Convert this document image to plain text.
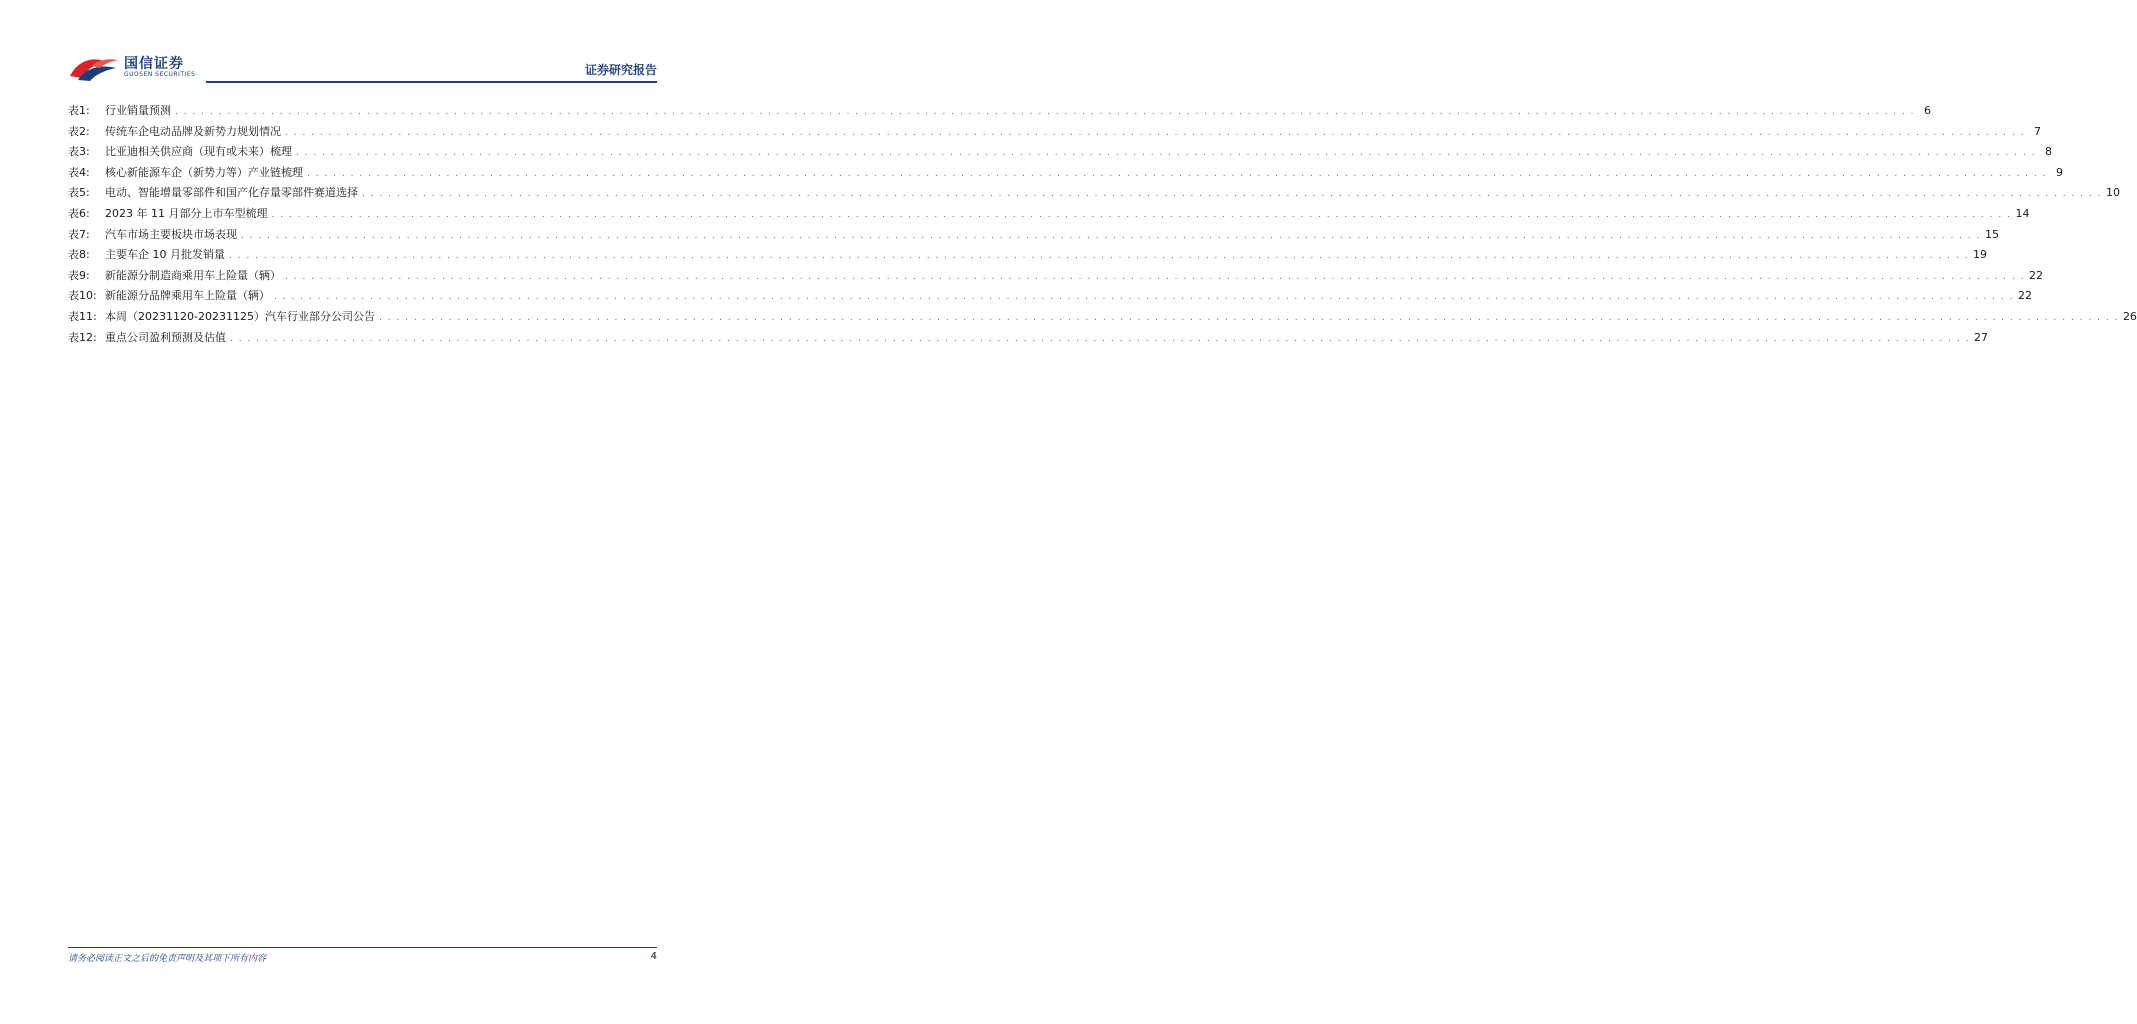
国信证券
GUOSEN SECURITIES	证券研究报告
表1:	行业销量预测 . . . . . . . . . . . . . . . . . . . . . . . . . . . . . . . . . . . . . . . . . . . . . . . . . . . . . . . . . . . . . . . . . . . . . . . . . . . . . . . . . . . . . . . . . . . . . . . . . . . . . . . . . . . . . . . . . . . . . . . . . . . . . . . . . . . . . . . . . . . . . . . . . . . . . . . . . . . . . . . . . . . . . . . . . . . . . . . . . . . . . . . . . . . . . . . . . . . . . . . . 6
表2:	传统车企电动品牌及新势力规划情况 . . . . . . . . . . . . . . . . . . . . . . . . . . . . . . . . . . . . . . . . . . . . . . . . . . . . . . . . . . . . . . . . . . . . . . . . . . . . . . . . . . . . . . . . . . . . . . . . . . . . . . . . . . . . . . . . . . . . . . . . . . . . . . . . . . . . . . . . . . . . . . . . . . . . . . . . . . . . . . . . . . . . . . . . . . . . . . . . . . . . . . . . . . . . . . . . . . . . . . . . 7
表3:	比亚迪相关供应商（现有或未来）梳理 . . . . . . . . . . . . . . . . . . . . . . . . . . . . . . . . . . . . . . . . . . . . . . . . . . . . . . . . . . . . . . . . . . . . . . . . . . . . . . . . . . . . . . . . . . . . . . . . . . . . . . . . . . . . . . . . . . . . . . . . . . . . . . . . . . . . . . . . . . . . . . . . . . . . . . . . . . . . . . . . . . . . . . . . . . . . . . . . . . . . . . . . . . . . . . . . . . . . . . . . 8
表4:	核心新能源车企（新势力等）产业链梳理 . . . . . . . . . . . . . . . . . . . . . . . . . . . . . . . . . . . . . . . . . . . . . . . . . . . . . . . . . . . . . . . . . . . . . . . . . . . . . . . . . . . . . . . . . . . . . . . . . . . . . . . . . . . . . . . . . . . . . . . . . . . . . . . . . . . . . . . . . . . . . . . . . . . . . . . . . . . . . . . . . . . . . . . . . . . . . . . . . . . . . . . . . . . . . . . . . . . . . . . . 9
表5:	电动、智能增量零部件和国产化存量零部件赛道选择 . . . . . . . . . . . . . . . . . . . . . . . . . . . . . . . . . . . . . . . . . . . . . . . . . . . . . . . . . . . . . . . . . . . . . . . . . . . . . . . . . . . . . . . . . . . . . . . . . . . . . . . . . . . . . . . . . . . . . . . . . . . . . . . . . . . . . . . . . . . . . . . . . . . . . . . . . . . . . . . . . . . . . . . . . . . . . . . . . . . . . . . . . . . . . . . . . . . . . . . . 10
表6:	2023 年 11 月部分上市车型梳理 . . . . . . . . . . . . . . . . . . . . . . . . . . . . . . . . . . . . . . . . . . . . . . . . . . . . . . . . . . . . . . . . . . . . . . . . . . . . . . . . . . . . . . . . . . . . . . . . . . . . . . . . . . . . . . . . . . . . . . . . . . . . . . . . . . . . . . . . . . . . . . . . . . . . . . . . . . . . . . . . . . . . . . . . . . . . . . . . . . . . . . . . . . . . . . . . . . . . . . . . 14
表7:	汽车市场主要板块市场表现 . . . . . . . . . . . . . . . . . . . . . . . . . . . . . . . . . . . . . . . . . . . . . . . . . . . . . . . . . . . . . . . . . . . . . . . . . . . . . . . . . . . . . . . . . . . . . . . . . . . . . . . . . . . . . . . . . . . . . . . . . . . . . . . . . . . . . . . . . . . . . . . . . . . . . . . . . . . . . . . . . . . . . . . . . . . . . . . . . . . . . . . . . . . . . . . . . . . . . . . . 15
表8:	主要车企 10 月批发销量 . . . . . . . . . . . . . . . . . . . . . . . . . . . . . . . . . . . . . . . . . . . . . . . . . . . . . . . . . . . . . . . . . . . . . . . . . . . . . . . . . . . . . . . . . . . . . . . . . . . . . . . . . . . . . . . . . . . . . . . . . . . . . . . . . . . . . . . . . . . . . . . . . . . . . . . . . . . . . . . . . . . . . . . . . . . . . . . . . . . . . . . . . . . . . . . . . . . . . . . . 19
表9:	新能源分制造商乘用车上险量（辆） . . . . . . . . . . . . . . . . . . . . . . . . . . . . . . . . . . . . . . . . . . . . . . . . . . . . . . . . . . . . . . . . . . . . . . . . . . . . . . . . . . . . . . . . . . . . . . . . . . . . . . . . . . . . . . . . . . . . . . . . . . . . . . . . . . . . . . . . . . . . . . . . . . . . . . . . . . . . . . . . . . . . . . . . . . . . . . . . . . . . . . . . . . . . . . . . . . . . . . . . 22
表10: 新能源分品牌乘用车上险量（辆） . . . . . . . . . . . . . . . . . . . . . . . . . . . . . . . . . . . . . . . . . . . . . . . . . . . . . . . . . . . . . . . . . . . . . . . . . . . . . . . . . . . . . . . . . . . . . . . . . . . . . . . . . . . . . . . . . . . . . . . . . . . . . . . . . . . . . . . . . . . . . . . . . . . . . . . . . . . . . . . . . . . . . . . . . . . . . . . . . . . . . . . . . . . . . . . . . . . . . . . . 22
表11: 本周（20231120-20231125）汽车行业部分公司公告 . . . . . . . . . . . . . . . . . . . . . . . . . . . . . . . . . . . . . . . . . . . . . . . . . . . . . . . . . . . . . . . . . . . . . . . . . . . . . . . . . . . . . . . . . . . . . . . . . . . . . . . . . . . . . . . . . . . . . . . . . . . . . . . . . . . . . . . . . . . . . . . . . . . . . . . . . . . . . . . . . . . . . . . . . . . . . . . . . . . . . . . . . . . . . . . . . . . . . . . . 26
表12: 重点公司盈利预测及估值 . . . . . . . . . . . . . . . . . . . . . . . . . . . . . . . . . . . . . . . . . . . . . . . . . . . . . . . . . . . . . . . . . . . . . . . . . . . . . . . . . . . . . . . . . . . . . . . . . . . . . . . . . . . . . . . . . . . . . . . . . . . . . . . . . . . . . . . . . . . . . . . . . . . . . . . . . . . . . . . . . . . . . . . . . . . . . . . . . . . . . . . . . . . . . . . . . . . . . . . . 27
请务必阅读正文之后的免责声明及其项下所有内容	4
